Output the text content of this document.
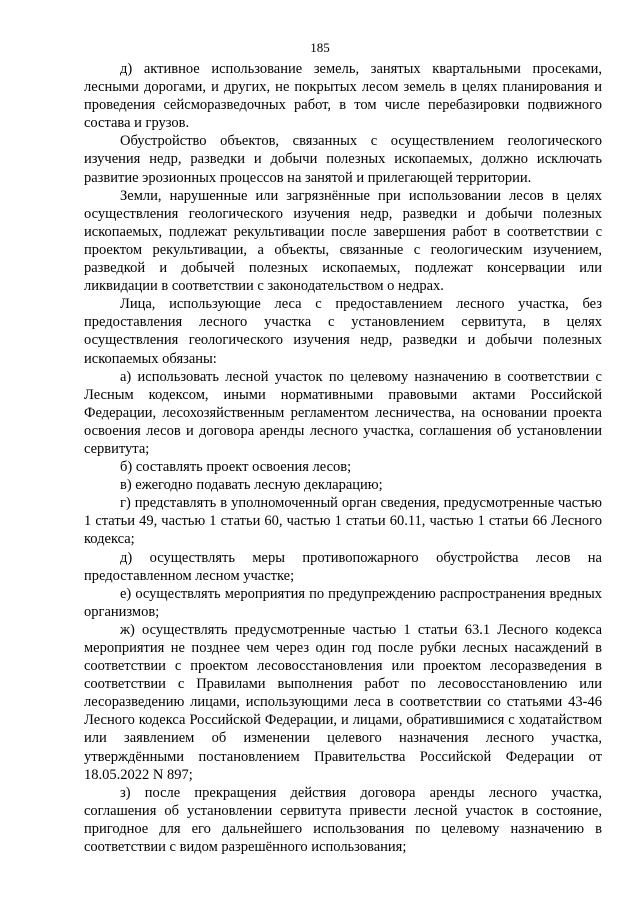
185

д) активное использование земель, занятых квартальными просеками, лесными дорогами, и других, не покрытых лесом земель в целях планирования и проведения сейсморазведочных работ, в том числе перебазировки подвижного состава и грузов.

Обустройство объектов, связанных с осуществлением геологического изучения недр, разведки и добычи полезных ископаемых, должно исключать развитие эрозионных процессов на занятой и прилегающей территории.

Земли, нарушенные или загрязнённые при использовании лесов в целях осуществления геологического изучения недр, разведки и добычи полезных ископаемых, подлежат рекультивации после завершения работ в соответствии с проектом рекультивации, а объекты, связанные с геологическим изучением, разведкой и добычей полезных ископаемых, подлежат консервации или ликвидации в соответствии с законодательством о недрах.

Лица, использующие леса с предоставлением лесного участка, без предоставления лесного участка с установлением сервитута, в целях осуществления геологического изучения недр, разведки и добычи полезных ископаемых обязаны:

а) использовать лесной участок по целевому назначению в соответствии с Лесным кодексом, иными нормативными правовыми актами Российской Федерации, лесохозяйственным регламентом лесничества, на основании проекта освоения лесов и договора аренды лесного участка, соглашения об установлении сервитута;

б) составлять проект освоения лесов;

в) ежегодно подавать лесную декларацию;

г) представлять в уполномоченный орган сведения, предусмотренные частью 1 статьи 49, частью 1 статьи 60, частью 1 статьи 60.11, частью 1 статьи 66 Лесного кодекса;

д) осуществлять меры противопожарного обустройства лесов на предоставленном лесном участке;

е) осуществлять мероприятия по предупреждению распространения вредных организмов;

ж) осуществлять предусмотренные частью 1 статьи 63.1 Лесного кодекса мероприятия не позднее чем через один год после рубки лесных насаждений в соответствии с проектом лесовосстановления или проектом лесоразведения в соответствии с Правилами выполнения работ по лесовосстановлению или лесоразведению лицами, использующими леса в соответствии со статьями 43-46 Лесного кодекса Российской Федерации, и лицами, обратившимися с ходатайством или заявлением об изменении целевого назначения лесного участка, утверждёнными постановлением Правительства Российской Федерации от 18.05.2022 N 897;

з) после прекращения действия договора аренды лесного участка, соглашения об установлении сервитута привести лесной участок в состояние, пригодное для его дальнейшего использования по целевому назначению в соответствии с видом разрешённого использования;
